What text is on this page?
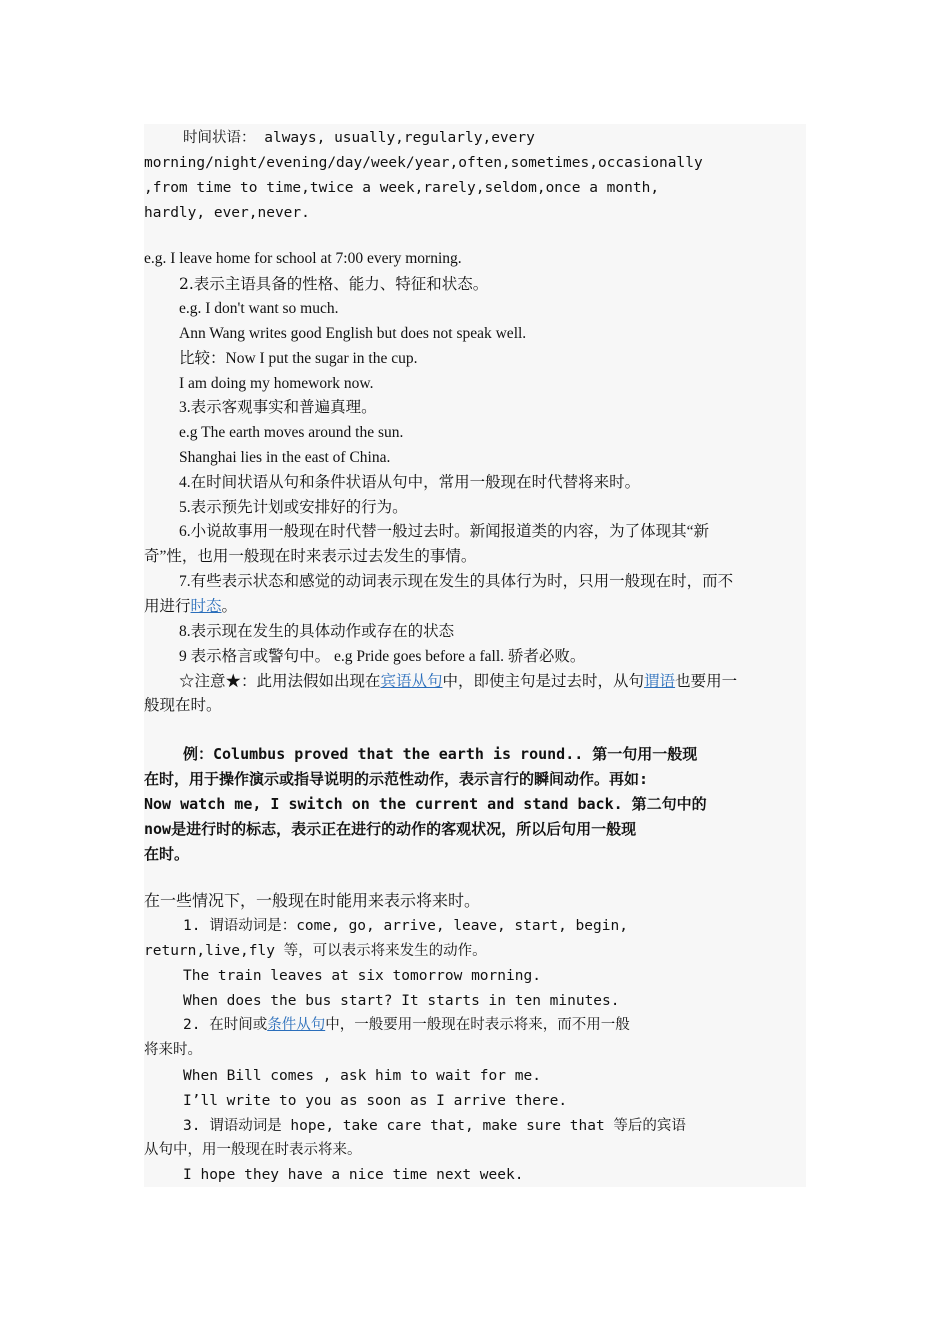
时间状语： always, usually,regularly,every
morning/night/evening/day/week/year,often,sometimes,occasionally
,from time to time,twice a week,rarely,seldom,once a month,
hardly, ever,never.
e.g. I leave home for school at 7:00 every morning.
2.表示主语具备的性格、能力、特征和状态。
e.g. I don't want so much.
Ann Wang writes good English but does not speak well.
比较：Now I put the sugar in the cup.
I am doing my homework now.
3.表示客观事实和普遍真理。
e.g The earth moves around the sun.
Shanghai lies in the east of China.
4.在时间状语从句和条件状语从句中，常用一般现在时代替将来时。
5.表示预先计划或安排好的行为。
6.小说故事用一般现在时代替一般过去时。新闻报道类的内容，为了体现其“新
奇”性，也用一般现在时来表示过去发生的事情。
7.有些表示状态和感觉的动词表示现在发生的具体行为时，只用一般现在时，而不
用进行时态。
8.表示现在发生的具体动作或存在的状态
9 表示格言或警句中。 e.g Pride goes before a fall. 骄者必败。
☆注意★：此用法假如出现在宾语从句中，即使主句是过去时，从句谓语也要用一
般现在时。
例：Columbus proved that the earth is round.. 第一句用一般现
在时，用于操作演示或指导说明的示范性动作，表示言行的瞬间动作。再如:
Now watch me, I switch on the current and stand back. 第二句中的
now是进行时的标志，表示正在进行的动作的客观状况，所以后句用一般现
在时。
在一些情况下，一般现在时能用来表示将来时。
1. 谓语动词是：come, go, arrive, leave, start, begin,
return,live,fly 等，可以表示将来发生的动作。
The train leaves at six tomorrow morning.
When does the bus start? It starts in ten minutes.
2. 在时间或条件从句中，一般要用一般现在时表示将来，而不用一般
将来时。
When Bill comes , ask him to wait for me.
I’ll write to you as soon as I arrive there.
3. 谓语动词是 hope, take care that, make sure that 等后的宾语
从句中，用一般现在时表示将来。
I hope they have a nice time next week.
